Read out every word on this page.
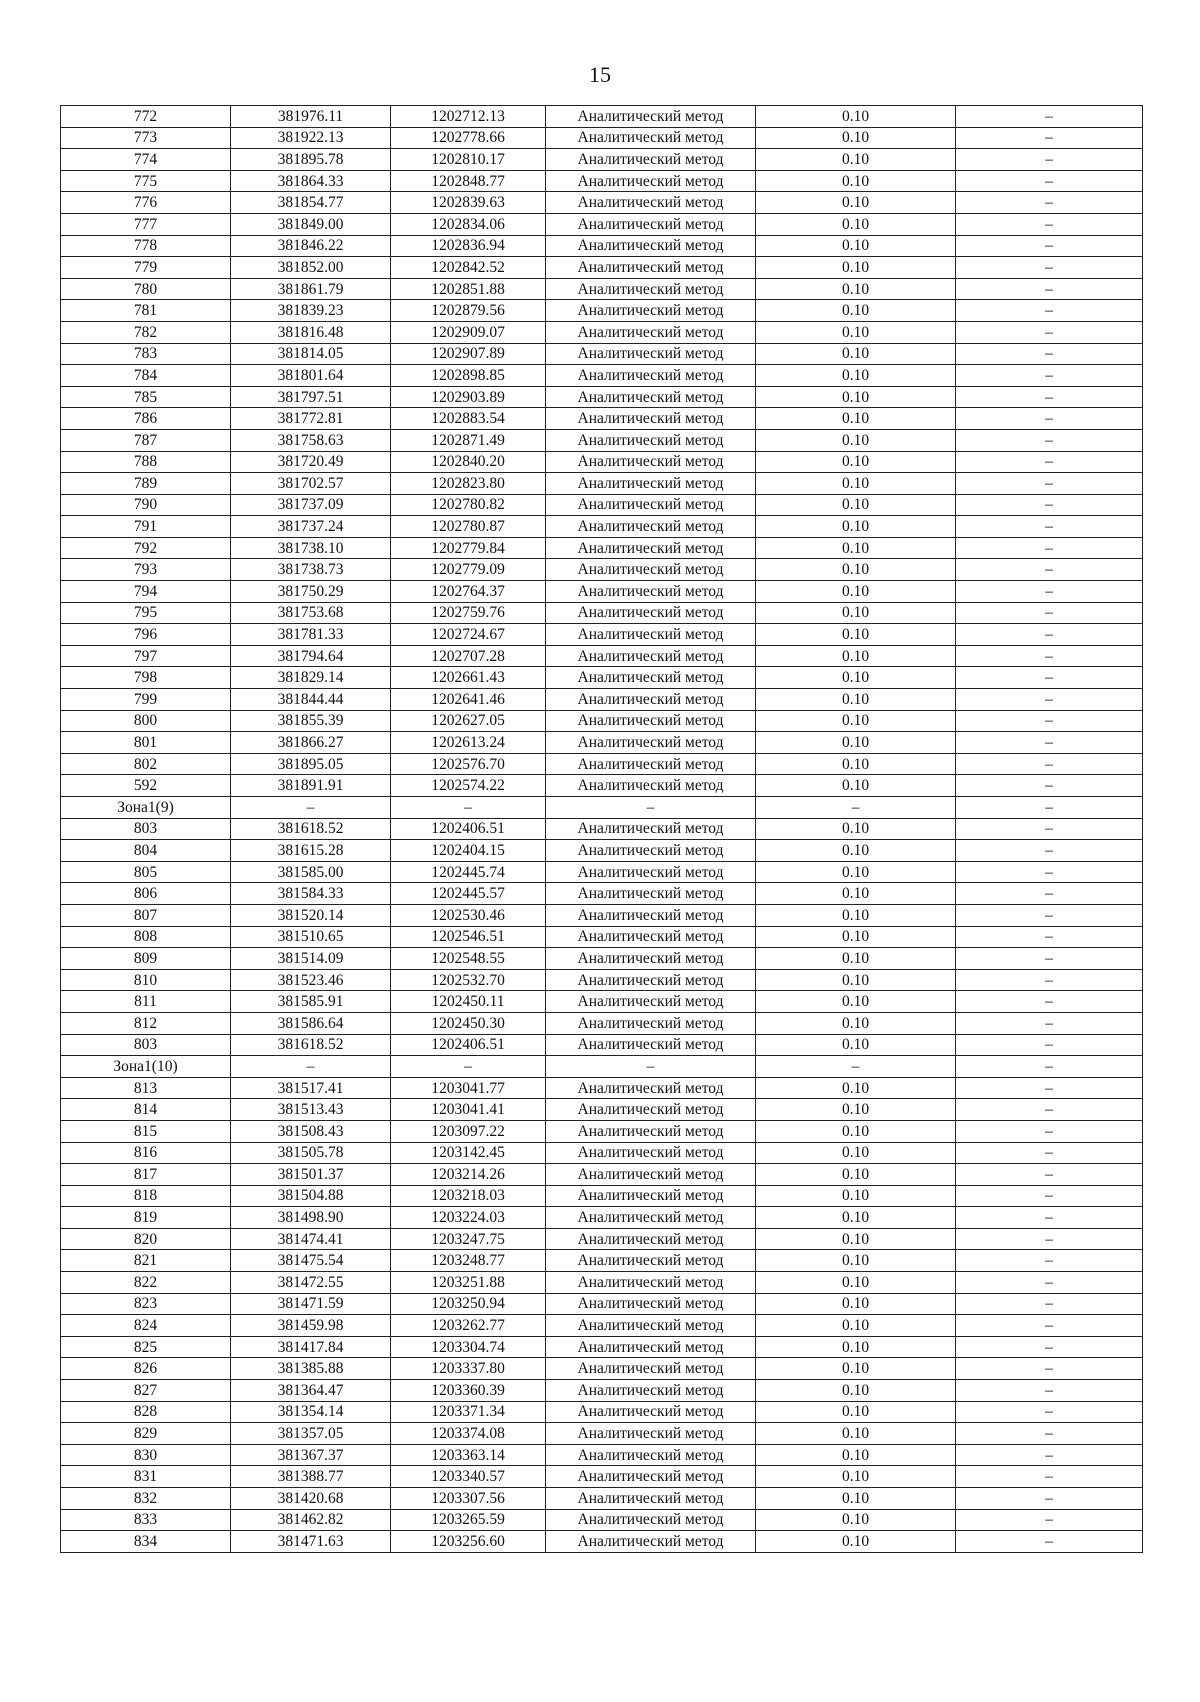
15
772	381976.11	1202712.13	Аналитический метод	0.10	–
773	381922.13	1202778.66	Аналитический метод	0.10	–
774	381895.78	1202810.17	Аналитический метод	0.10	–
775	381864.33	1202848.77	Аналитический метод	0.10	–
776	381854.77	1202839.63	Аналитический метод	0.10	–
777	381849.00	1202834.06	Аналитический метод	0.10	–
778	381846.22	1202836.94	Аналитический метод	0.10	–
779	381852.00	1202842.52	Аналитический метод	0.10	–
780	381861.79	1202851.88	Аналитический метод	0.10	–
781	381839.23	1202879.56	Аналитический метод	0.10	–
782	381816.48	1202909.07	Аналитический метод	0.10	–
783	381814.05	1202907.89	Аналитический метод	0.10	–
784	381801.64	1202898.85	Аналитический метод	0.10	–
785	381797.51	1202903.89	Аналитический метод	0.10	–
786	381772.81	1202883.54	Аналитический метод	0.10	–
787	381758.63	1202871.49	Аналитический метод	0.10	–
788	381720.49	1202840.20	Аналитический метод	0.10	–
789	381702.57	1202823.80	Аналитический метод	0.10	–
790	381737.09	1202780.82	Аналитический метод	0.10	–
791	381737.24	1202780.87	Аналитический метод	0.10	–
792	381738.10	1202779.84	Аналитический метод	0.10	–
793	381738.73	1202779.09	Аналитический метод	0.10	–
794	381750.29	1202764.37	Аналитический метод	0.10	–
795	381753.68	1202759.76	Аналитический метод	0.10	–
796	381781.33	1202724.67	Аналитический метод	0.10	–
797	381794.64	1202707.28	Аналитический метод	0.10	–
798	381829.14	1202661.43	Аналитический метод	0.10	–
799	381844.44	1202641.46	Аналитический метод	0.10	–
800	381855.39	1202627.05	Аналитический метод	0.10	–
801	381866.27	1202613.24	Аналитический метод	0.10	–
802	381895.05	1202576.70	Аналитический метод	0.10	–
592	381891.91	1202574.22	Аналитический метод	0.10	–
Зона1(9)	–	–	–	–	–
803	381618.52	1202406.51	Аналитический метод	0.10	–
804	381615.28	1202404.15	Аналитический метод	0.10	–
805	381585.00	1202445.74	Аналитический метод	0.10	–
806	381584.33	1202445.57	Аналитический метод	0.10	–
807	381520.14	1202530.46	Аналитический метод	0.10	–
808	381510.65	1202546.51	Аналитический метод	0.10	–
809	381514.09	1202548.55	Аналитический метод	0.10	–
810	381523.46	1202532.70	Аналитический метод	0.10	–
811	381585.91	1202450.11	Аналитический метод	0.10	–
812	381586.64	1202450.30	Аналитический метод	0.10	–
803	381618.52	1202406.51	Аналитический метод	0.10	–
Зона1(10)	–	–	–	–	–
813	381517.41	1203041.77	Аналитический метод	0.10	–
814	381513.43	1203041.41	Аналитический метод	0.10	–
815	381508.43	1203097.22	Аналитический метод	0.10	–
816	381505.78	1203142.45	Аналитический метод	0.10	–
817	381501.37	1203214.26	Аналитический метод	0.10	–
818	381504.88	1203218.03	Аналитический метод	0.10	–
819	381498.90	1203224.03	Аналитический метод	0.10	–
820	381474.41	1203247.75	Аналитический метод	0.10	–
821	381475.54	1203248.77	Аналитический метод	0.10	–
822	381472.55	1203251.88	Аналитический метод	0.10	–
823	381471.59	1203250.94	Аналитический метод	0.10	–
824	381459.98	1203262.77	Аналитический метод	0.10	–
825	381417.84	1203304.74	Аналитический метод	0.10	–
826	381385.88	1203337.80	Аналитический метод	0.10	–
827	381364.47	1203360.39	Аналитический метод	0.10	–
828	381354.14	1203371.34	Аналитический метод	0.10	–
829	381357.05	1203374.08	Аналитический метод	0.10	–
830	381367.37	1203363.14	Аналитический метод	0.10	–
831	381388.77	1203340.57	Аналитический метод	0.10	–
832	381420.68	1203307.56	Аналитический метод	0.10	–
833	381462.82	1203265.59	Аналитический метод	0.10	–
834	381471.63	1203256.60	Аналитический метод	0.10	–
